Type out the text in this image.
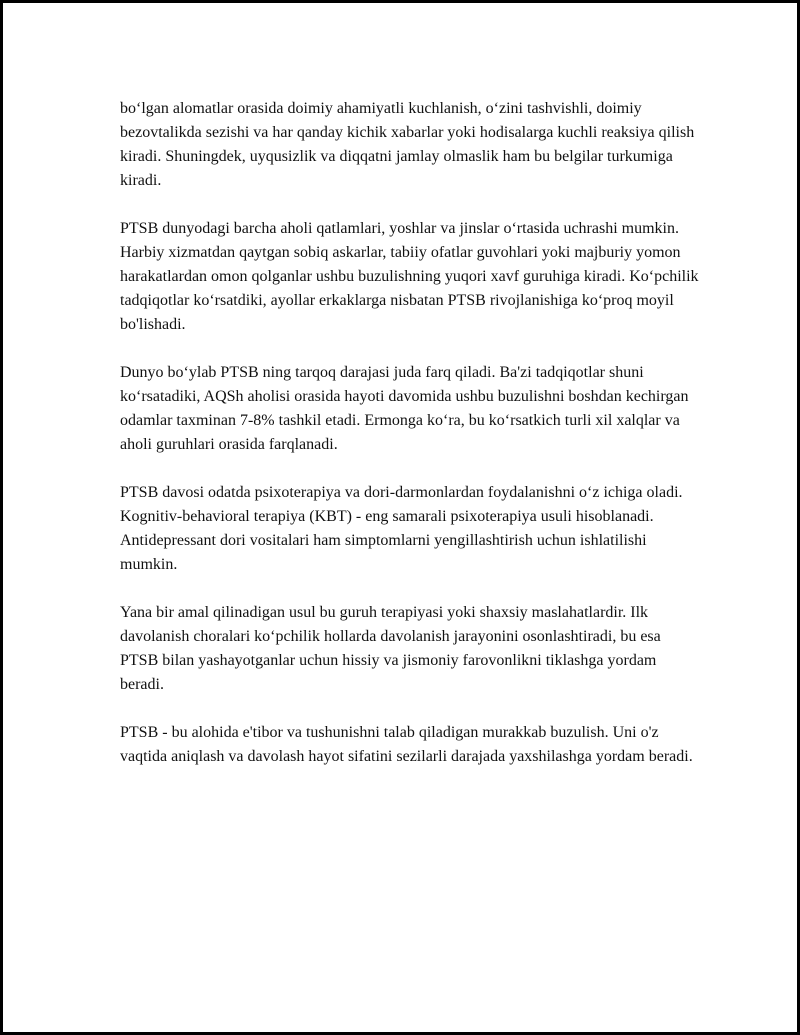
bo‘lgan alomatlar orasida doimiy ahamiyatli kuchlanish, o‘zini tashvishli, doimiy bezovtalikda sezishi va har qanday kichik xabarlar yoki hodisalarga kuchli reaksiya qilish kiradi. Shuningdek, uyqusizlik va diqqatni jamlay olmaslik ham bu belgilar turkumiga kiradi.

PTSB dunyodagi barcha aholi qatlamlari, yoshlar va jinslar o‘rtasida uchrashi mumkin. Harbiy xizmatdan qaytgan sobiq askarlar, tabiiy ofatlar guvohlari yoki majburiy yomon harakatlardan omon qolganlar ushbu buzulishning yuqori xavf guruhiga kiradi. Ko‘pchilik tadqiqotlar ko‘rsatdiki, ayollar erkaklarga nisbatan PTSB rivojlanishiga ko‘proq moyil bo'lishadi.

Dunyo bo‘ylab PTSB ning tarqoq darajasi juda farq qiladi. Ba'zi tadqiqotlar shuni ko‘rsatadiki, AQSh aholisi orasida hayoti davomida ushbu buzulishni boshdan kechirgan odamlar taxminan 7-8% tashkil etadi. Ermonga ko‘ra, bu ko‘rsatkich turli xil xalqlar va aholi guruhlari orasida farqlanadi.

PTSB davosi odatda psixoterapiya va dori-darmonlardan foydalanishni o‘z ichiga oladi. Kognitiv-behavioral terapiya (KBT) - eng samarali psixoterapiya usuli hisoblanadi. Antidepressant dori vositalari ham simptomlarni yengillashtirish uchun ishlatilishi mumkin.

Yana bir amal qilinadigan usul bu guruh terapiyasi yoki shaxsiy maslahatlardir. Ilk davolanish choralari ko‘pchilik hollarda davolanish jarayonini osonlashtiradi, bu esa PTSB bilan yashayotganlar uchun hissiy va jismoniy farovonlikni tiklashga yordam beradi.

PTSB - bu alohida e'tibor va tushunishni talab qiladigan murakkab buzulish. Uni o'z vaqtida aniqlash va davolash hayot sifatini sezilarli darajada yaxshilashga yordam beradi.
